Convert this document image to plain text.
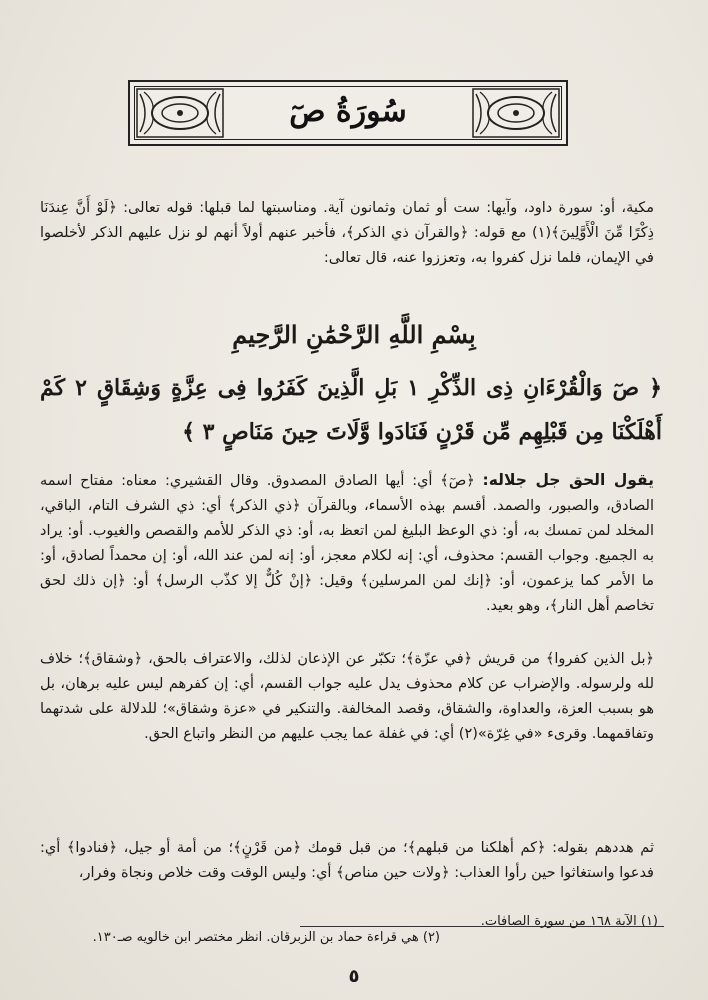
سُورَةُ صٓ
مكية، أو: سورة داود، وآيها: ست أو ثمان وثمانون آية. ومناسبتها لما قبلها: قوله تعالى: ﴿لَوْ أَنَّ عِندَنَا ذِكْرًا مِّنَ الْأَوَّلِينَ﴾(١) مع قوله: ﴿والقرآن ذي الذكر﴾، فأخبر عنهم أولاً أنهم لو نزل عليهم الذكر لأخلصوا في الإيمان، فلما نزل كفروا به، وتعززوا عنه، قال تعالى:
بِسْمِ اللَّهِ الرَّحْمَٰنِ الرَّحِيمِ
﴿ صٓ وَالْقُرْءَانِ ذِى الذِّكْرِ ١ بَلِ الَّذِينَ كَفَرُوا فِى عِزَّةٍ وَشِقَاقٍ ٢ كَمْ أَهْلَكْنَا مِن قَبْلِهِم مِّن قَرْنٍ فَنَادَوا وَّلَاتَ حِينَ مَنَاصٍ ٣ ﴾
يقول الحق جل جلاله: ﴿صٓ﴾ أي: أيها الصادق المصدوق. وقال القشيري: معناه: مفتاح اسمه الصادق، والصبور، والصمد. أقسم بهذه الأسماء، وبالقرآن ﴿ذي الذكر﴾ أي: ذي الشرف التام، الباقي، المخلد لمن تمسك به، أو: ذي الوعظ البليغ لمن اتعظ به، أو: ذي الذكر للأمم والقصص والغيوب. أو: يراد به الجميع. وجواب القسم: محذوف، أي: إنه لكلام معجز، أو: إنه لمن عند الله، أو: إن محمداً لصادق، أو: ما الأمر كما يزعمون، أو: ﴿إنك لمن المرسلين﴾ وقيل: ﴿إنْ كُلٌّ إلا كذّب الرسل﴾ أو: ﴿إن ذلك لحق تخاصم أهل النار﴾، وهو بعيد.
﴿بل الذين كفروا﴾ من قريش ﴿في عزّة﴾؛ تكبّر عن الإذعان لذلك، والاعتراف بالحق، ﴿وشقاق﴾؛ خلاف لله ولرسوله. والإضراب عن كلام محذوف يدل عليه جواب القسم، أي: إن كفرهم ليس عليه برهان، بل هو بسبب العزة، والعداوة، والشقاق، وقصد المخالفة. والتنكير في «عزة وشقاق»؛ للدلالة على شدتهما وتفاقمهما. وقرىء «في غِرّة»(٢) أي: في غفلة عما يجب عليهم من النظر واتباع الحق.
ثم هددهم بقوله: ﴿كم أهلكنا من قبلهم﴾؛ من قبل قومك ﴿من قَرْنٍ﴾؛ من أمة أو جيل، ﴿فنادوا﴾ أي: فدعوا واستغاثوا حين رأوا العذاب: ﴿ولات حين مناص﴾ أي: وليس الوقت وقت خلاص ونجاة وفرار،
(١) الآية ١٦٨ من سورة الصافات.
(٢) هي قراءة حماد بن الزبرقان. انظر مختصر ابن خالويه صـ١٣٠.
٥
